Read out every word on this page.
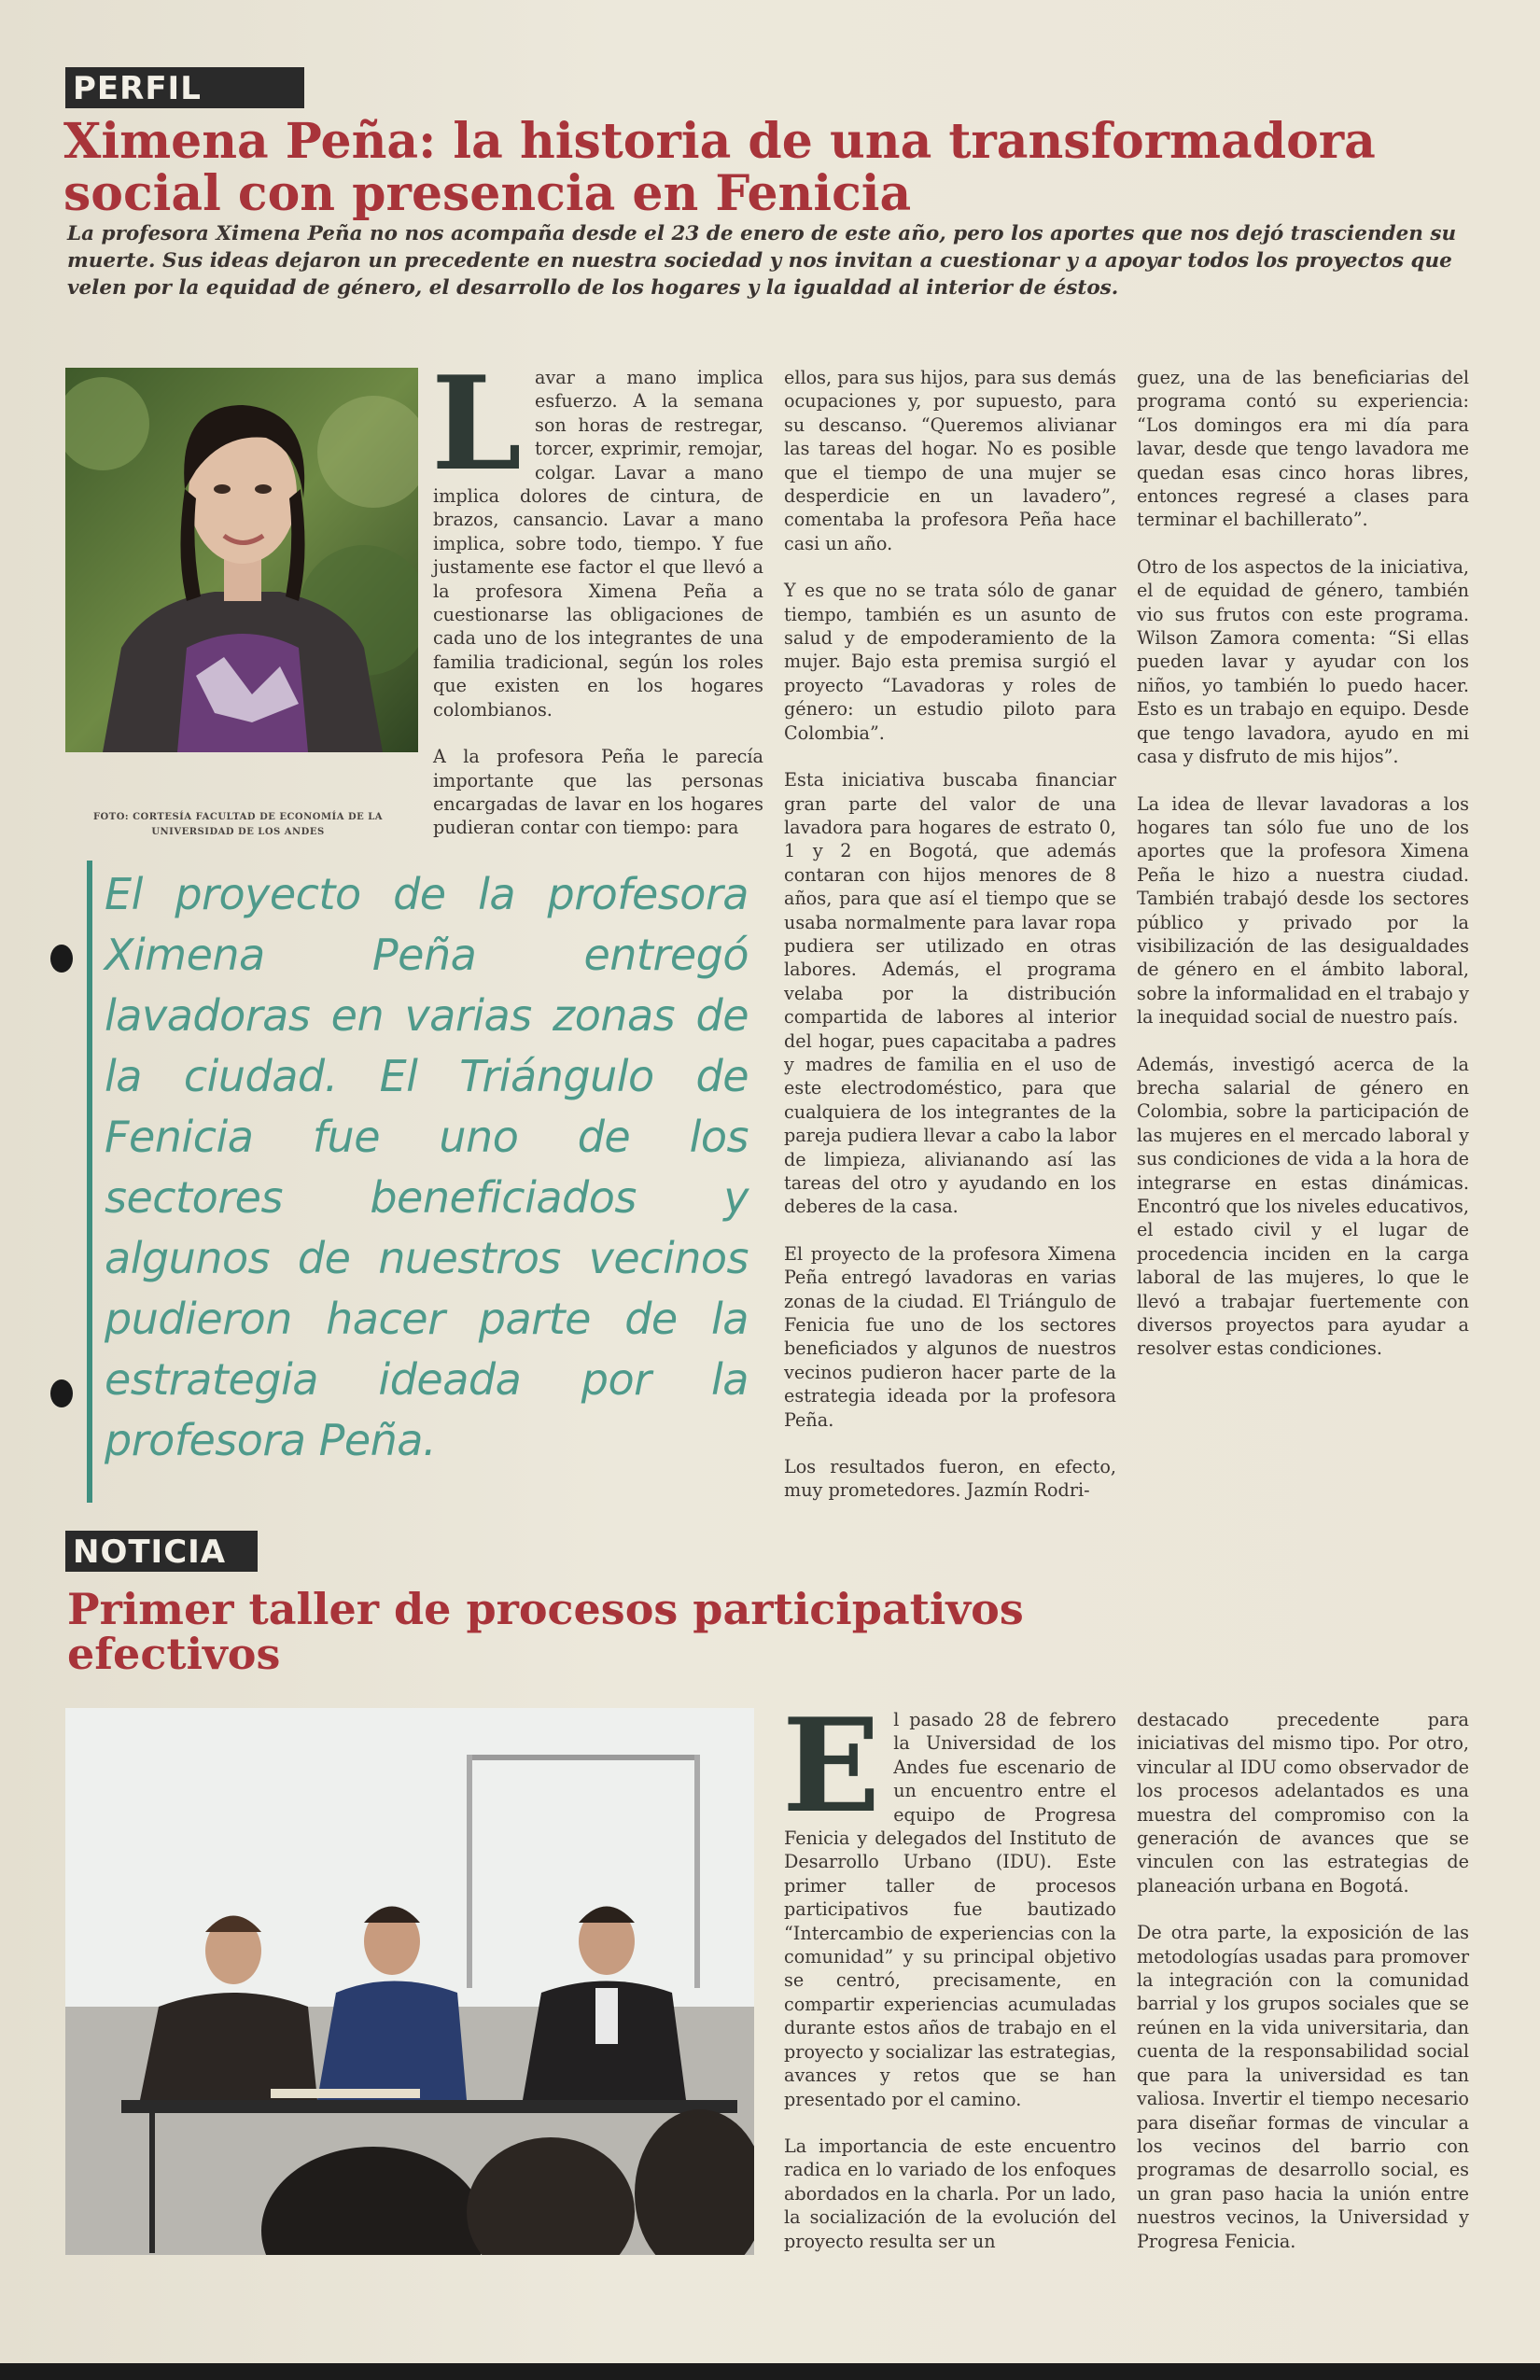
PERFIL
Ximena Peña: la historia de una transformadora
social con presencia en Fenicia

La profesora Ximena Peña no nos acompaña desde el 23 de enero de este año, pero los aportes que nos dejó trascienden su muerte. Sus ideas dejaron un precedente en nuestra sociedad y nos invitan a cuestionar y a apoyar todos los proyectos que velen por la equidad de género, el desarrollo de los hogares y la igualdad al interior de éstos.

FOTO: CORTESÍA FACULTAD DE ECONOMÍA DE LA UNIVERSIDAD DE LOS ANDES

Lavar a mano implica esfuerzo. A la semana son horas de restregar, torcer, exprimir, remojar, colgar. Lavar a mano implica dolores de cintura, de brazos, cansancio. Lavar a mano implica, sobre todo, tiempo. Y fue justamente ese factor el que llevó a la profesora Ximena Peña a cuestionarse las obligaciones de cada uno de los integrantes de una familia tradicional, según los roles que existen en los hogares colombianos.

A la profesora Peña le parecía importante que las personas encargadas de lavar en los hogares pudieran contar con tiempo: para

ellos, para sus hijos, para sus demás ocupaciones y, por supuesto, para su descanso. “Queremos alivianar las tareas del hogar. No es posible que el tiempo de una mujer se desperdicie en un lavadero”, comentaba la profesora Peña hace casi un año.

Y es que no se trata sólo de ganar tiempo, también es un asunto de salud y de empoderamiento de la mujer. Bajo esta premisa surgió el proyecto “Lavadoras y roles de género: un estudio piloto para Colombia”.

Esta iniciativa buscaba financiar gran parte del valor de una lavadora para hogares de estrato 0, 1 y 2 en Bogotá, que además contaran con hijos menores de 8 años, para que así el tiempo que se usaba normalmente para lavar ropa pudiera ser utilizado en otras labores. Además, el programa velaba por la distribución compartida de labores al interior del hogar, pues capacitaba a padres y madres de familia en el uso de este electrodoméstico, para que cualquiera de los integrantes de la pareja pudiera llevar a cabo la labor de limpieza, alivianando así las tareas del otro y ayudando en los deberes de la casa.

El proyecto de la profesora Ximena Peña entregó lavadoras en varias zonas de la ciudad. El Triángulo de Fenicia fue uno de los sectores beneficiados y algunos de nuestros vecinos pudieron hacer parte de la estrategia ideada por la profesora Peña.

Los resultados fueron, en efecto, muy prometedores. Jazmín Rodri-

guez, una de las beneficiarias del programa contó su experiencia: “Los domingos era mi día para lavar, desde que tengo lavadora me quedan esas cinco horas libres, entonces regresé a clases para terminar el bachillerato”.

Otro de los aspectos de la iniciativa, el de equidad de género, también vio sus frutos con este programa. Wilson Zamora comenta: “Si ellas pueden lavar y ayudar con los niños, yo también lo puedo hacer. Esto es un trabajo en equipo. Desde que tengo lavadora, ayudo en mi casa y disfruto de mis hijos”.

La idea de llevar lavadoras a los hogares tan sólo fue uno de los aportes que la profesora Ximena Peña le hizo a nuestra ciudad. También trabajó desde los sectores público y privado por la visibilización de las desigualdades de género en el ámbito laboral, sobre la informalidad en el trabajo y la inequidad social de nuestro país.

Además, investigó acerca de la brecha salarial de género en Colombia, sobre la participación de las mujeres en el mercado laboral y sus condiciones de vida a la hora de integrarse en estas dinámicas. Encontró que los niveles educativos, el estado civil y el lugar de procedencia inciden en la carga laboral de las mujeres, lo que le llevó a trabajar fuertemente con diversos proyectos para ayudar a resolver estas condiciones.

El proyecto de la profesora Ximena Peña entregó lavadoras en varias zonas de la ciudad. El Triángulo de Fenicia fue uno de los sectores beneficiados y algunos de nuestros vecinos pudieron hacer parte de la estrategia ideada por la profesora Peña.
NOTICIA
Primer taller de procesos participativos
efectivos

El pasado 28 de febrero la Universidad de los Andes fue escenario de un encuentro entre el equipo de Progresa Fenicia y delegados del Instituto de Desarrollo Urbano (IDU). Este primer taller de procesos participativos fue bautizado “Intercambio de experiencias con la comunidad” y su principal objetivo se centró, precisamente, en compartir experiencias acumuladas durante estos años de trabajo en el proyecto y socializar las estrategias, avances y retos que se han presentado por el camino.

La importancia de este encuentro radica en lo variado de los enfoques abordados en la charla. Por un lado, la socialización de la evolución del proyecto resulta ser un

destacado precedente para iniciativas del mismo tipo. Por otro, vincular al IDU como observador de los procesos adelantados es una muestra del compromiso con la generación de avances que se vinculen con las estrategias de planeación urbana en Bogotá.

De otra parte, la exposición de las metodologías usadas para promover la integración con la comunidad barrial y los grupos sociales que se reúnen en la vida universitaria, dan cuenta de la responsabilidad social que para la universidad es tan valiosa. Invertir el tiempo necesario para diseñar formas de vincular a los vecinos del barrio con programas de desarrollo social, es un gran paso hacia la unión entre nuestros vecinos, la Universidad y Progresa Fenicia.
